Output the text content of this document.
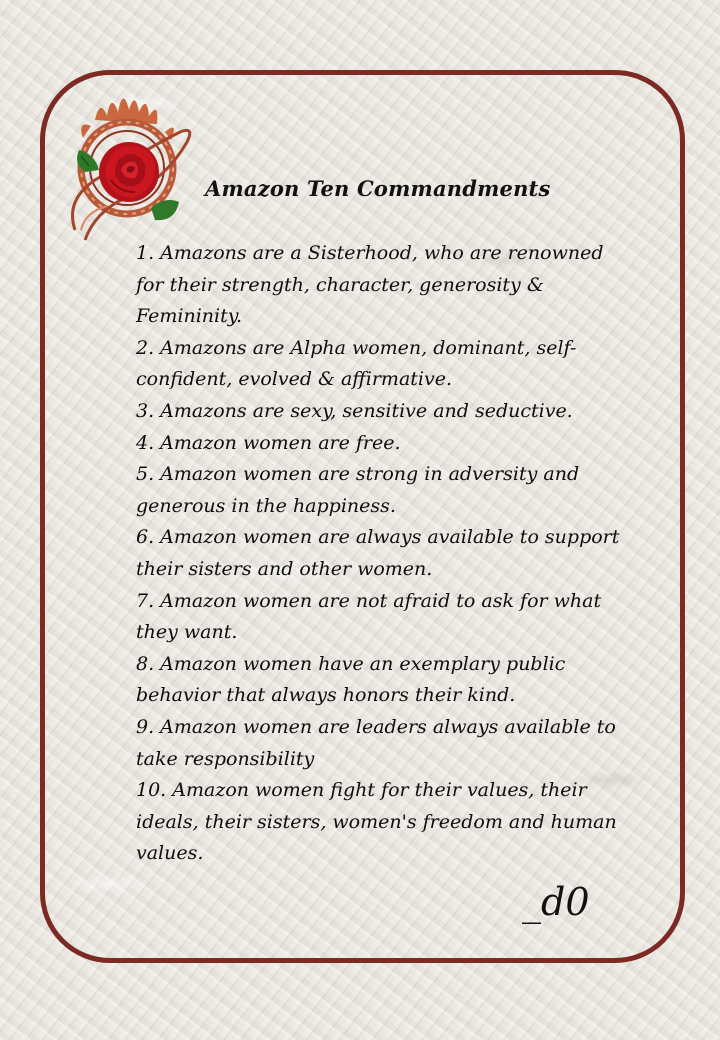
Amazon Ten Commandments
1. Amazons are a Sisterhood, who are renowned for their strength, character, generosity & Femininity.
2. Amazons are Alpha women, dominant, self-confident, evolved & affirmative.
3. Amazons are sexy, sensitive and seductive.
4. Amazon women are free.
5. Amazon women are strong in adversity and generous in the happiness.
6. Amazon women are always available to support their sisters and other women.
7. Amazon women are not afraid to ask for what they want.
8. Amazon women have an exemplary public behavior that always honors their kind.
9. Amazon women are leaders always available to take responsibility
10. Amazon women fight for their values, their ideals, their sisters, women's freedom and human values.
_d0
